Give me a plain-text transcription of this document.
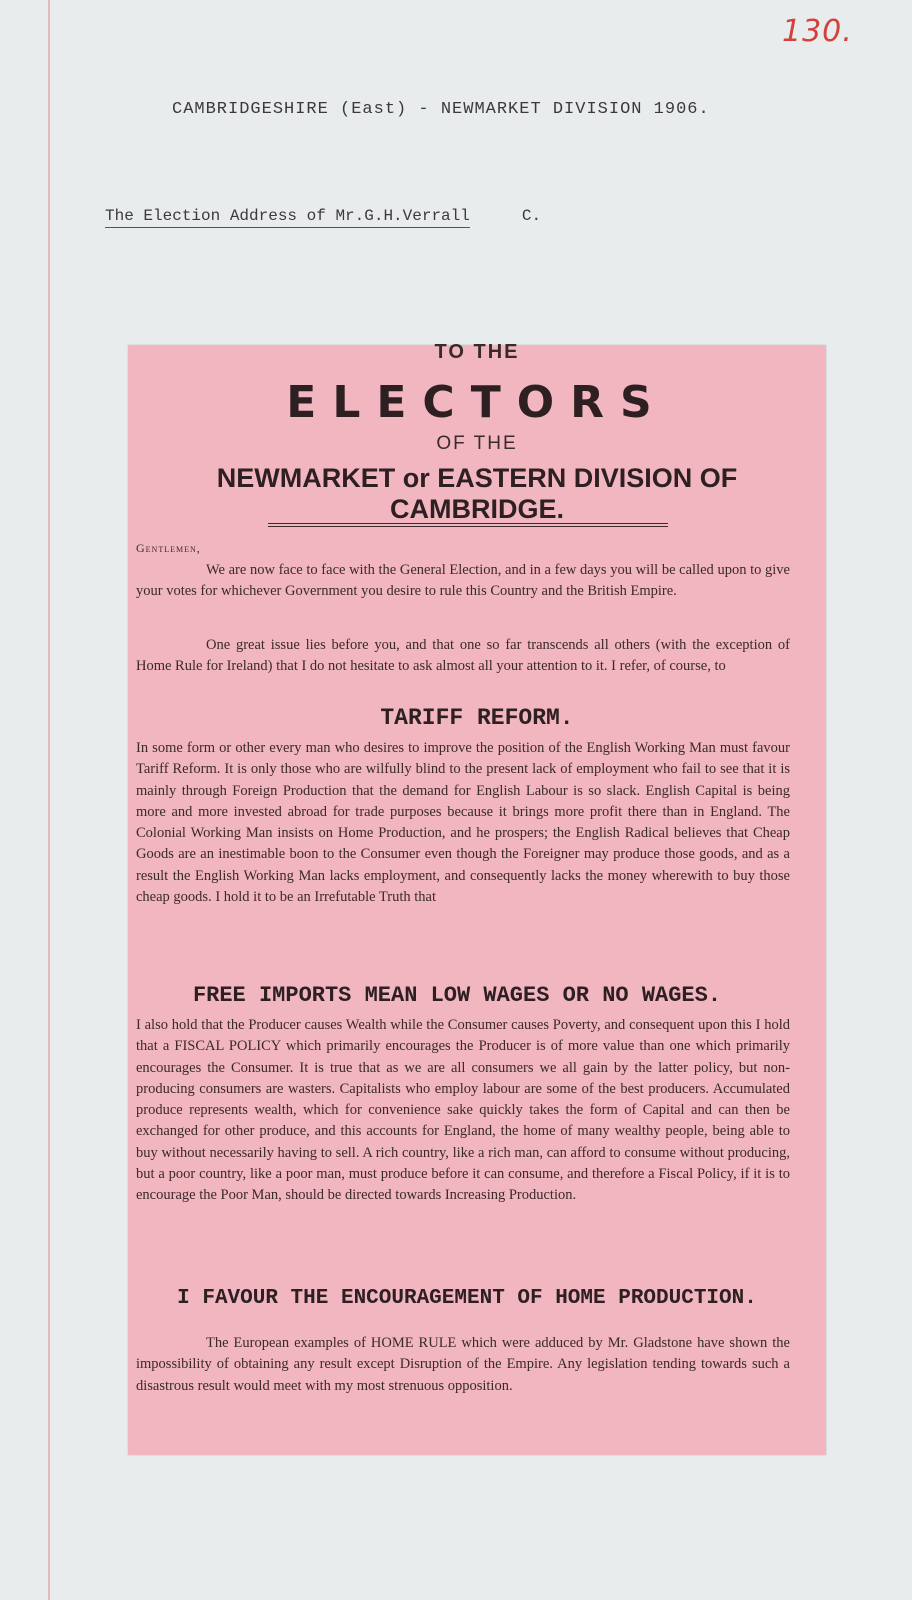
130.
CAMBRIDGESHIRE (East) - NEWMARKET DIVISION 1906.
The Election Address of Mr.G.H.Verrall	C.
TO THE
ELECTORS
OF THE
NEWMARKET or EASTERN DIVISION OF CAMBRIDGE.
Gentlemen,
We are now face to face with the General Election, and in a few days you will be called upon to give your votes for whichever Government you desire to rule this Country and the British Empire.
One great issue lies before you, and that one so far transcends all others (with the exception of Home Rule for Ireland) that I do not hesitate to ask almost all your attention to it. I refer, of course, to
TARIFF REFORM.
In some form or other every man who desires to improve the position of the English Working Man must favour Tariff Reform. It is only those who are wilfully blind to the present lack of employment who fail to see that it is mainly through Foreign Production that the demand for English Labour is so slack. English Capital is being more and more invested abroad for trade purposes because it brings more profit there than in England. The Colonial Working Man insists on Home Production, and he prospers; the English Radical believes that Cheap Goods are an inestimable boon to the Consumer even though the Foreigner may produce those goods, and as a result the English Working Man lacks employment, and consequently lacks the money wherewith to buy those cheap goods. I hold it to be an Irrefutable Truth that
FREE IMPORTS MEAN LOW WAGES OR NO WAGES.
I also hold that the Producer causes Wealth while the Consumer causes Poverty, and consequent upon this I hold that a FISCAL POLICY which primarily encourages the Producer is of more value than one which primarily encourages the Consumer. It is true that as we are all consumers we all gain by the latter policy, but non-producing consumers are wasters. Capitalists who employ labour are some of the best producers. Accumulated produce represents wealth, which for convenience sake quickly takes the form of Capital and can then be exchanged for other produce, and this accounts for England, the home of many wealthy people, being able to buy without necessarily having to sell. A rich country, like a rich man, can afford to consume without producing, but a poor country, like a poor man, must produce before it can consume, and therefore a Fiscal Policy, if it is to encourage the Poor Man, should be directed towards Increasing Production.
I FAVOUR THE ENCOURAGEMENT OF HOME PRODUCTION.
The European examples of HOME RULE which were adduced by Mr. Gladstone have shown the impossibility of obtaining any result except Disruption of the Empire. Any legislation tending towards such a disastrous result would meet with my most strenuous opposition.
